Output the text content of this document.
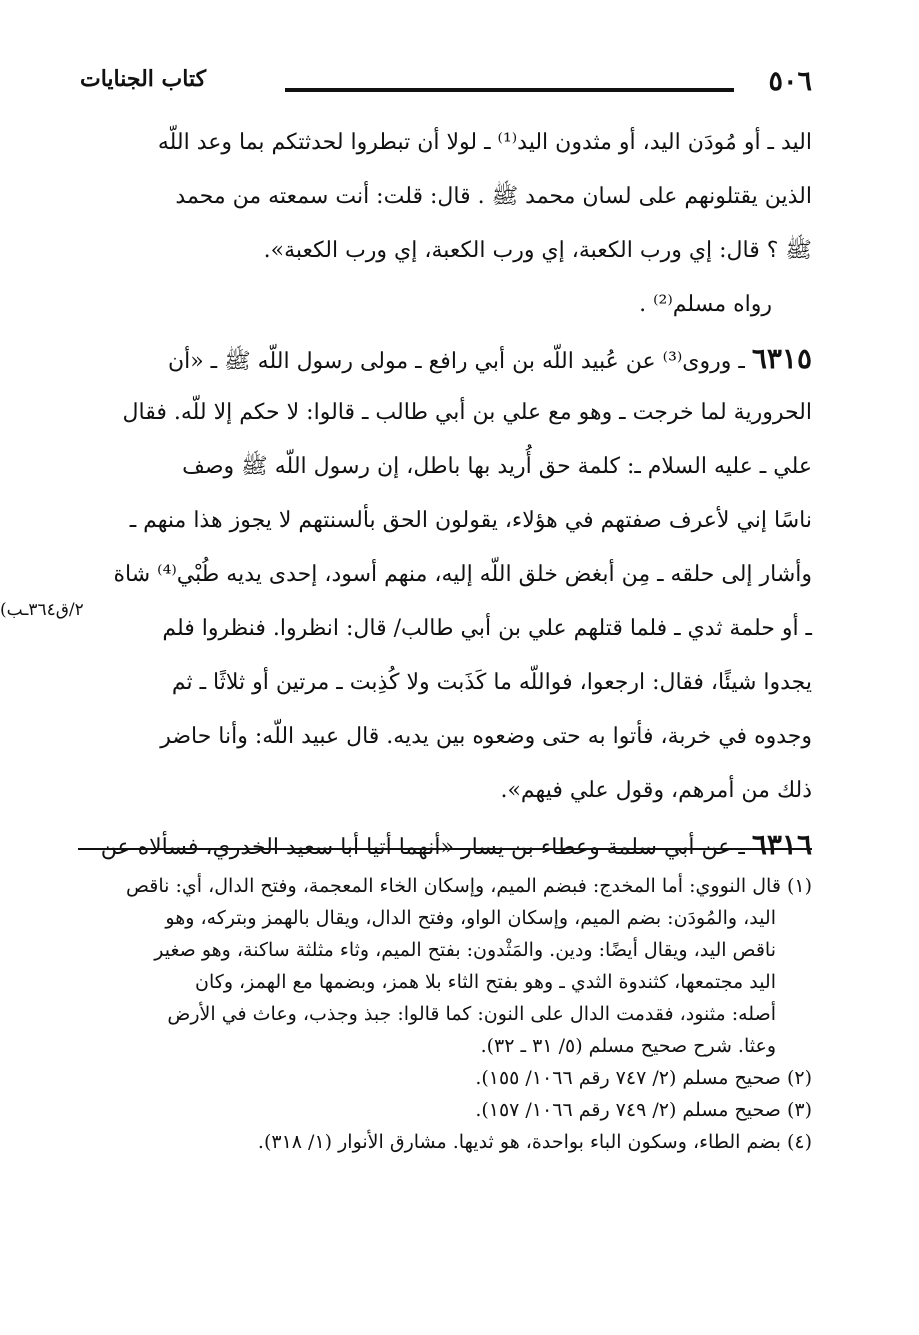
٥٠٦
كتاب الجنايات
اليد ـ أو مُودَن اليد، أو مثدون اليد⁽¹⁾ ـ لولا أن تبطروا لحدثتكم بما وعد اللّه
الذين يقتلونهم على لسان محمد ﷺ . قال: قلت: أنت سمعته من محمد
ﷺ ؟ قال: إي ورب الكعبة، إي ورب الكعبة، إي ورب الكعبة».
رواه مسلم⁽²⁾ .
٦٣١٥ ـ وروى⁽³⁾ عن عُبيد اللّه بن أبي رافع ـ مولى رسول اللّه ﷺ ـ «أن
الحرورية لما خرجت ـ وهو مع علي بن أبي طالب ـ قالوا: لا حكم إلا للّه. فقال
علي ـ عليه السلام ـ: كلمة حق أُريد بها باطل، إن رسول اللّه ﷺ وصف
ناسًا إني لأعرف صفتهم في هؤلاء، يقولون الحق بألسنتهم لا يجوز هذا منهم ـ
وأشار إلى حلقه ـ مِن أبغض خلق اللّه إليه، منهم أسود، إحدى يديه طُبْي⁽⁴⁾ شاة
ـ أو حلمة ثدي ـ فلما قتلهم علي بن أبي طالب/ قال: انظروا. فنظروا فلم
يجدوا شيئًا، فقال: ارجعوا، فواللّه ما كَذَبت ولا كُذِبت ـ مرتين أو ثلاثًا ـ ثم
وجدوه في خربة، فأتوا به حتى وضعوه بين يديه. قال عبيد اللّه: وأنا حاضر
ذلك من أمرهم، وقول علي فيهم».
٦٣١٦ ـ عن أبي سلمة وعطاء بن يسار «أنهما أتيا أبا سعيد الخدري، فسألاه عن
٢/ق٣٦٤ـب)
(١) قال النووي: أما المخدج: فبضم الميم، وإسكان الخاء المعجمة، وفتح الدال، أي: ناقص
اليد، والمُودَن: بضم الميم، وإسكان الواو، وفتح الدال، ويقال بالهمز وبتركه، وهو
ناقص اليد، ويقال أيضًا: ودين. والمَثْدون: بفتح الميم، وثاء مثلثة ساكنة، وهو صغير
اليد مجتمعها، كثندوة الثدي ـ وهو بفتح الثاء بلا همز، وبضمها مع الهمز، وكان
أصله: مثنود، فقدمت الدال على النون: كما قالوا: جبذ وجذب، وعاث في الأرض
وعثا. شرح صحيح مسلم (٥/ ٣١ ـ ٣٢).
(٢) صحيح مسلم (٢/ ٧٤٧ رقم ١٠٦٦/ ١٥٥).
(٣) صحيح مسلم (٢/ ٧٤٩ رقم ١٠٦٦/ ١٥٧).
(٤) بضم الطاء، وسكون الباء بواحدة، هو ثديها. مشارق الأنوار (١/ ٣١٨).
